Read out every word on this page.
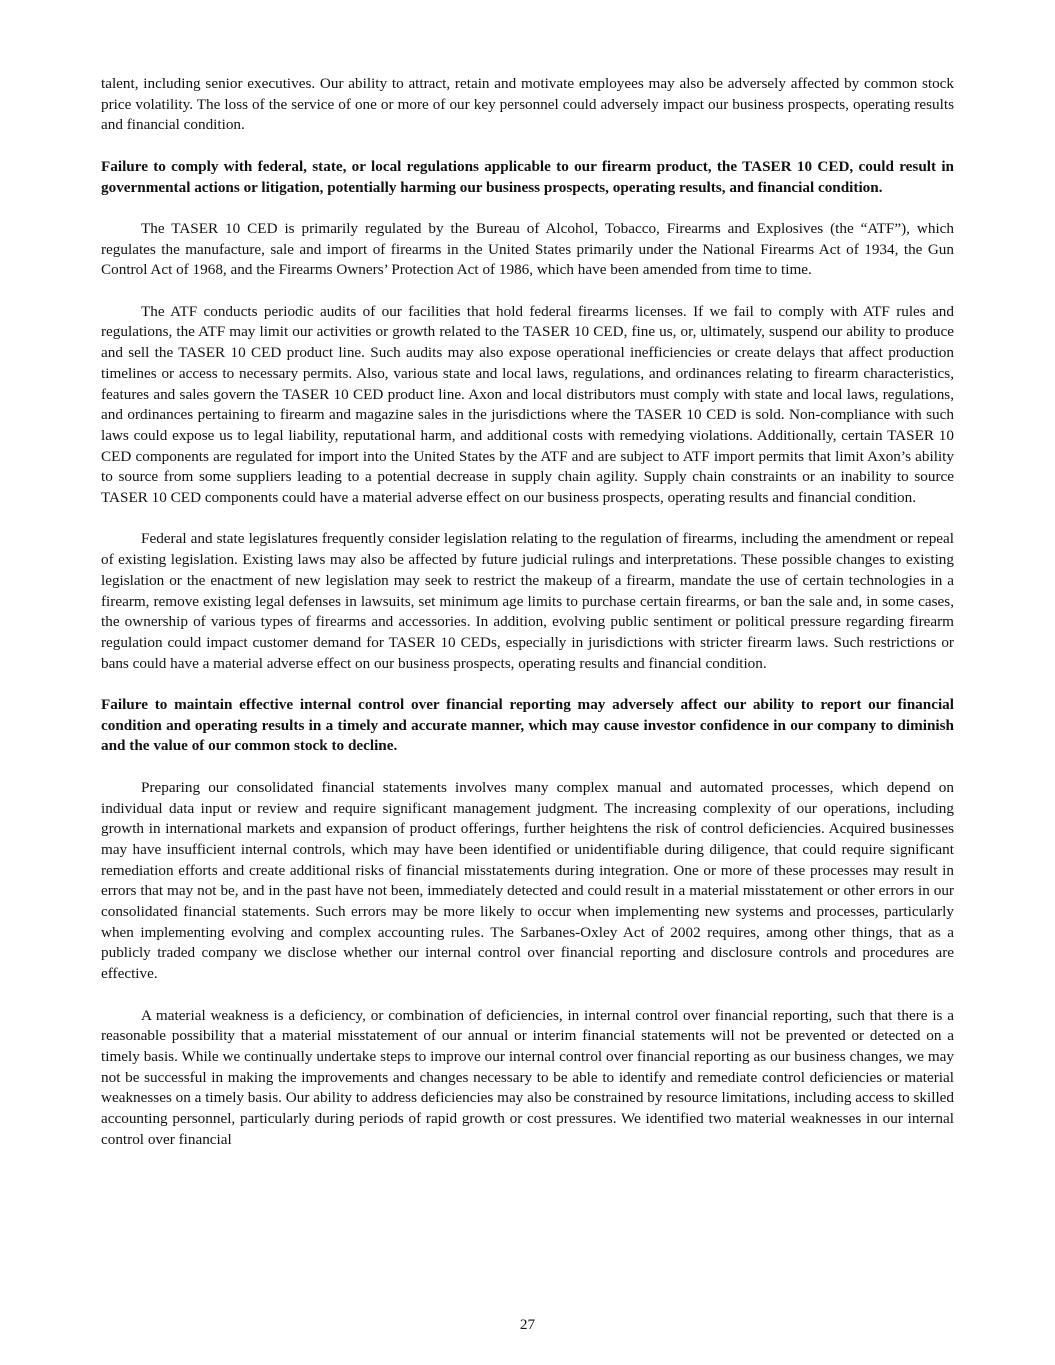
talent, including senior executives. Our ability to attract, retain and motivate employees may also be adversely affected by common stock price volatility. The loss of the service of one or more of our key personnel could adversely impact our business prospects, operating results and financial condition.

Failure to comply with federal, state, or local regulations applicable to our firearm product, the TASER 10 CED, could result in governmental actions or litigation, potentially harming our business prospects, operating results, and financial condition.

The TASER 10 CED is primarily regulated by the Bureau of Alcohol, Tobacco, Firearms and Explosives (the “ATF”), which regulates the manufacture, sale and import of firearms in the United States primarily under the National Firearms Act of 1934, the Gun Control Act of 1968, and the Firearms Owners’ Protection Act of 1986, which have been amended from time to time.

The ATF conducts periodic audits of our facilities that hold federal firearms licenses. If we fail to comply with ATF rules and regulations, the ATF may limit our activities or growth related to the TASER 10 CED, fine us, or, ultimately, suspend our ability to produce and sell the TASER 10 CED product line. Such audits may also expose operational inefficiencies or create delays that affect production timelines or access to necessary permits. Also, various state and local laws, regulations, and ordinances relating to firearm characteristics, features and sales govern the TASER 10 CED product line. Axon and local distributors must comply with state and local laws, regulations, and ordinances pertaining to firearm and magazine sales in the jurisdictions where the TASER 10 CED is sold. Non-compliance with such laws could expose us to legal liability, reputational harm, and additional costs with remedying violations. Additionally, certain TASER 10 CED components are regulated for import into the United States by the ATF and are subject to ATF import permits that limit Axon’s ability to source from some suppliers leading to a potential decrease in supply chain agility. Supply chain constraints or an inability to source TASER 10 CED components could have a material adverse effect on our business prospects, operating results and financial condition.

Federal and state legislatures frequently consider legislation relating to the regulation of firearms, including the amendment or repeal of existing legislation. Existing laws may also be affected by future judicial rulings and interpretations. These possible changes to existing legislation or the enactment of new legislation may seek to restrict the makeup of a firearm, mandate the use of certain technologies in a firearm, remove existing legal defenses in lawsuits, set minimum age limits to purchase certain firearms, or ban the sale and, in some cases, the ownership of various types of firearms and accessories. In addition, evolving public sentiment or political pressure regarding firearm regulation could impact customer demand for TASER 10 CEDs, especially in jurisdictions with stricter firearm laws. Such restrictions or bans could have a material adverse effect on our business prospects, operating results and financial condition.

Failure to maintain effective internal control over financial reporting may adversely affect our ability to report our financial condition and operating results in a timely and accurate manner, which may cause investor confidence in our company to diminish and the value of our common stock to decline.

Preparing our consolidated financial statements involves many complex manual and automated processes, which depend on individual data input or review and require significant management judgment. The increasing complexity of our operations, including growth in international markets and expansion of product offerings, further heightens the risk of control deficiencies. Acquired businesses may have insufficient internal controls, which may have been identified or unidentifiable during diligence, that could require significant remediation efforts and create additional risks of financial misstatements during integration. One or more of these processes may result in errors that may not be, and in the past have not been, immediately detected and could result in a material misstatement or other errors in our consolidated financial statements. Such errors may be more likely to occur when implementing new systems and processes, particularly when implementing evolving and complex accounting rules. The Sarbanes-Oxley Act of 2002 requires, among other things, that as a publicly traded company we disclose whether our internal control over financial reporting and disclosure controls and procedures are effective.

A material weakness is a deficiency, or combination of deficiencies, in internal control over financial reporting, such that there is a reasonable possibility that a material misstatement of our annual or interim financial statements will not be prevented or detected on a timely basis. While we continually undertake steps to improve our internal control over financial reporting as our business changes, we may not be successful in making the improvements and changes necessary to be able to identify and remediate control deficiencies or material weaknesses on a timely basis. Our ability to address deficiencies may also be constrained by resource limitations, including access to skilled accounting personnel, particularly during periods of rapid growth or cost pressures. We identified two material weaknesses in our internal control over financial

27
